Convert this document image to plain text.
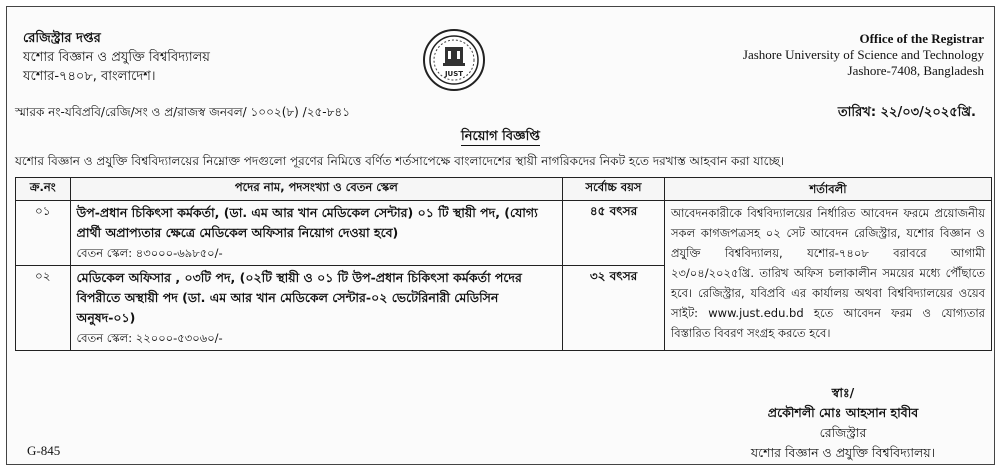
রেজিস্ট্রার দপ্তর
যশোর বিজ্ঞান ও প্রযুক্তি বিশ্ববিদ্যালয়
যশোর-৭৪০৮, বাংলাদেশ।	JUST
Office of the Registrar
Jashore University of Science and Technology
Jashore-7408, Bangladesh
স্মারক নং-যবিপ্রবি/রেজি/সং ও প্র/রাজস্ব জনবল/ ১০০২(৮) /২৫-৮৪১	তারিখ: ২২/০৩/২০২৫খ্রি.
নিয়োগ বিজ্ঞপ্তি
যশোর বিজ্ঞান ও প্রযুক্তি বিশ্ববিদ্যালয়ের নিম্নোক্ত পদগুলো পূরণের নিমিত্তে বর্ণিত শর্তসাপেক্ষে বাংলাদেশের স্থায়ী নাগরিকদের নিকট হতে দরখাস্ত আহবান করা যাচ্ছে।
ক্র.নং	পদের নাম, পদসংখ্যা ও বেতন স্কেল	সর্বোচ্চ বয়স	শর্তাবলী
০১	উপ-প্রধান চিকিৎসা কর্মকর্তা, (ডা. এম আর খান মেডিকেল সেন্টার) ০১ টি স্থায়ী পদ, (যোগ্য প্রার্থী অপ্রাপ্যতার ক্ষেত্রে মেডিকেল অফিসার নিয়োগ দেওয়া হবে)
বেতন স্কেল: ৪৩০০০-৬৯৮৫০/-	৪৫ বৎসর	আবেদনকারীকে বিশ্ববিদ্যালয়ের নির্ধারিত আবেদন ফরমে প্রয়োজনীয় সকল কাগজপত্রসহ ০২ সেট আবেদন রেজিস্ট্রার, যশোর বিজ্ঞান ও প্রযুক্তি বিশ্ববিদ্যালয়, যশোর-৭৪০৮ বরাবরে আগামী ২৩/০৪/২০২৫খ্রি. তারিখ অফিস চলাকালীন সময়ের মধ্যে পৌঁছাতে হবে। রেজিস্ট্রার, যবিপ্রবি এর কার্যালয় অথবা বিশ্ববিদ্যালয়ের ওয়েব সাইট: www.just.edu.bd হতে আবেদন ফরম ও যোগ্যতার বিস্তারিত বিবরণ সংগ্রহ করতে হবে।
০২	মেডিকেল অফিসার , ০৩টি পদ, (০২টি স্থায়ী ও ০১ টি উপ-প্রধান চিকিৎসা কর্মকর্তা পদের বিপরীতে অস্থায়ী পদ (ডা. এম আর খান মেডিকেল সেন্টার-০২ ভেটেরিনারী মেডিসিন অনুষদ-০১)
বেতন স্কেল: ২২০০০-৫৩০৬০/-	৩২ বৎসর	
স্বাঃ/
প্রকৌশলী মোঃ আহসান হাবীব
রেজিস্ট্রার
যশোর বিজ্ঞান ও প্রযুক্তি বিশ্ববিদ্যালয়।
G-845
